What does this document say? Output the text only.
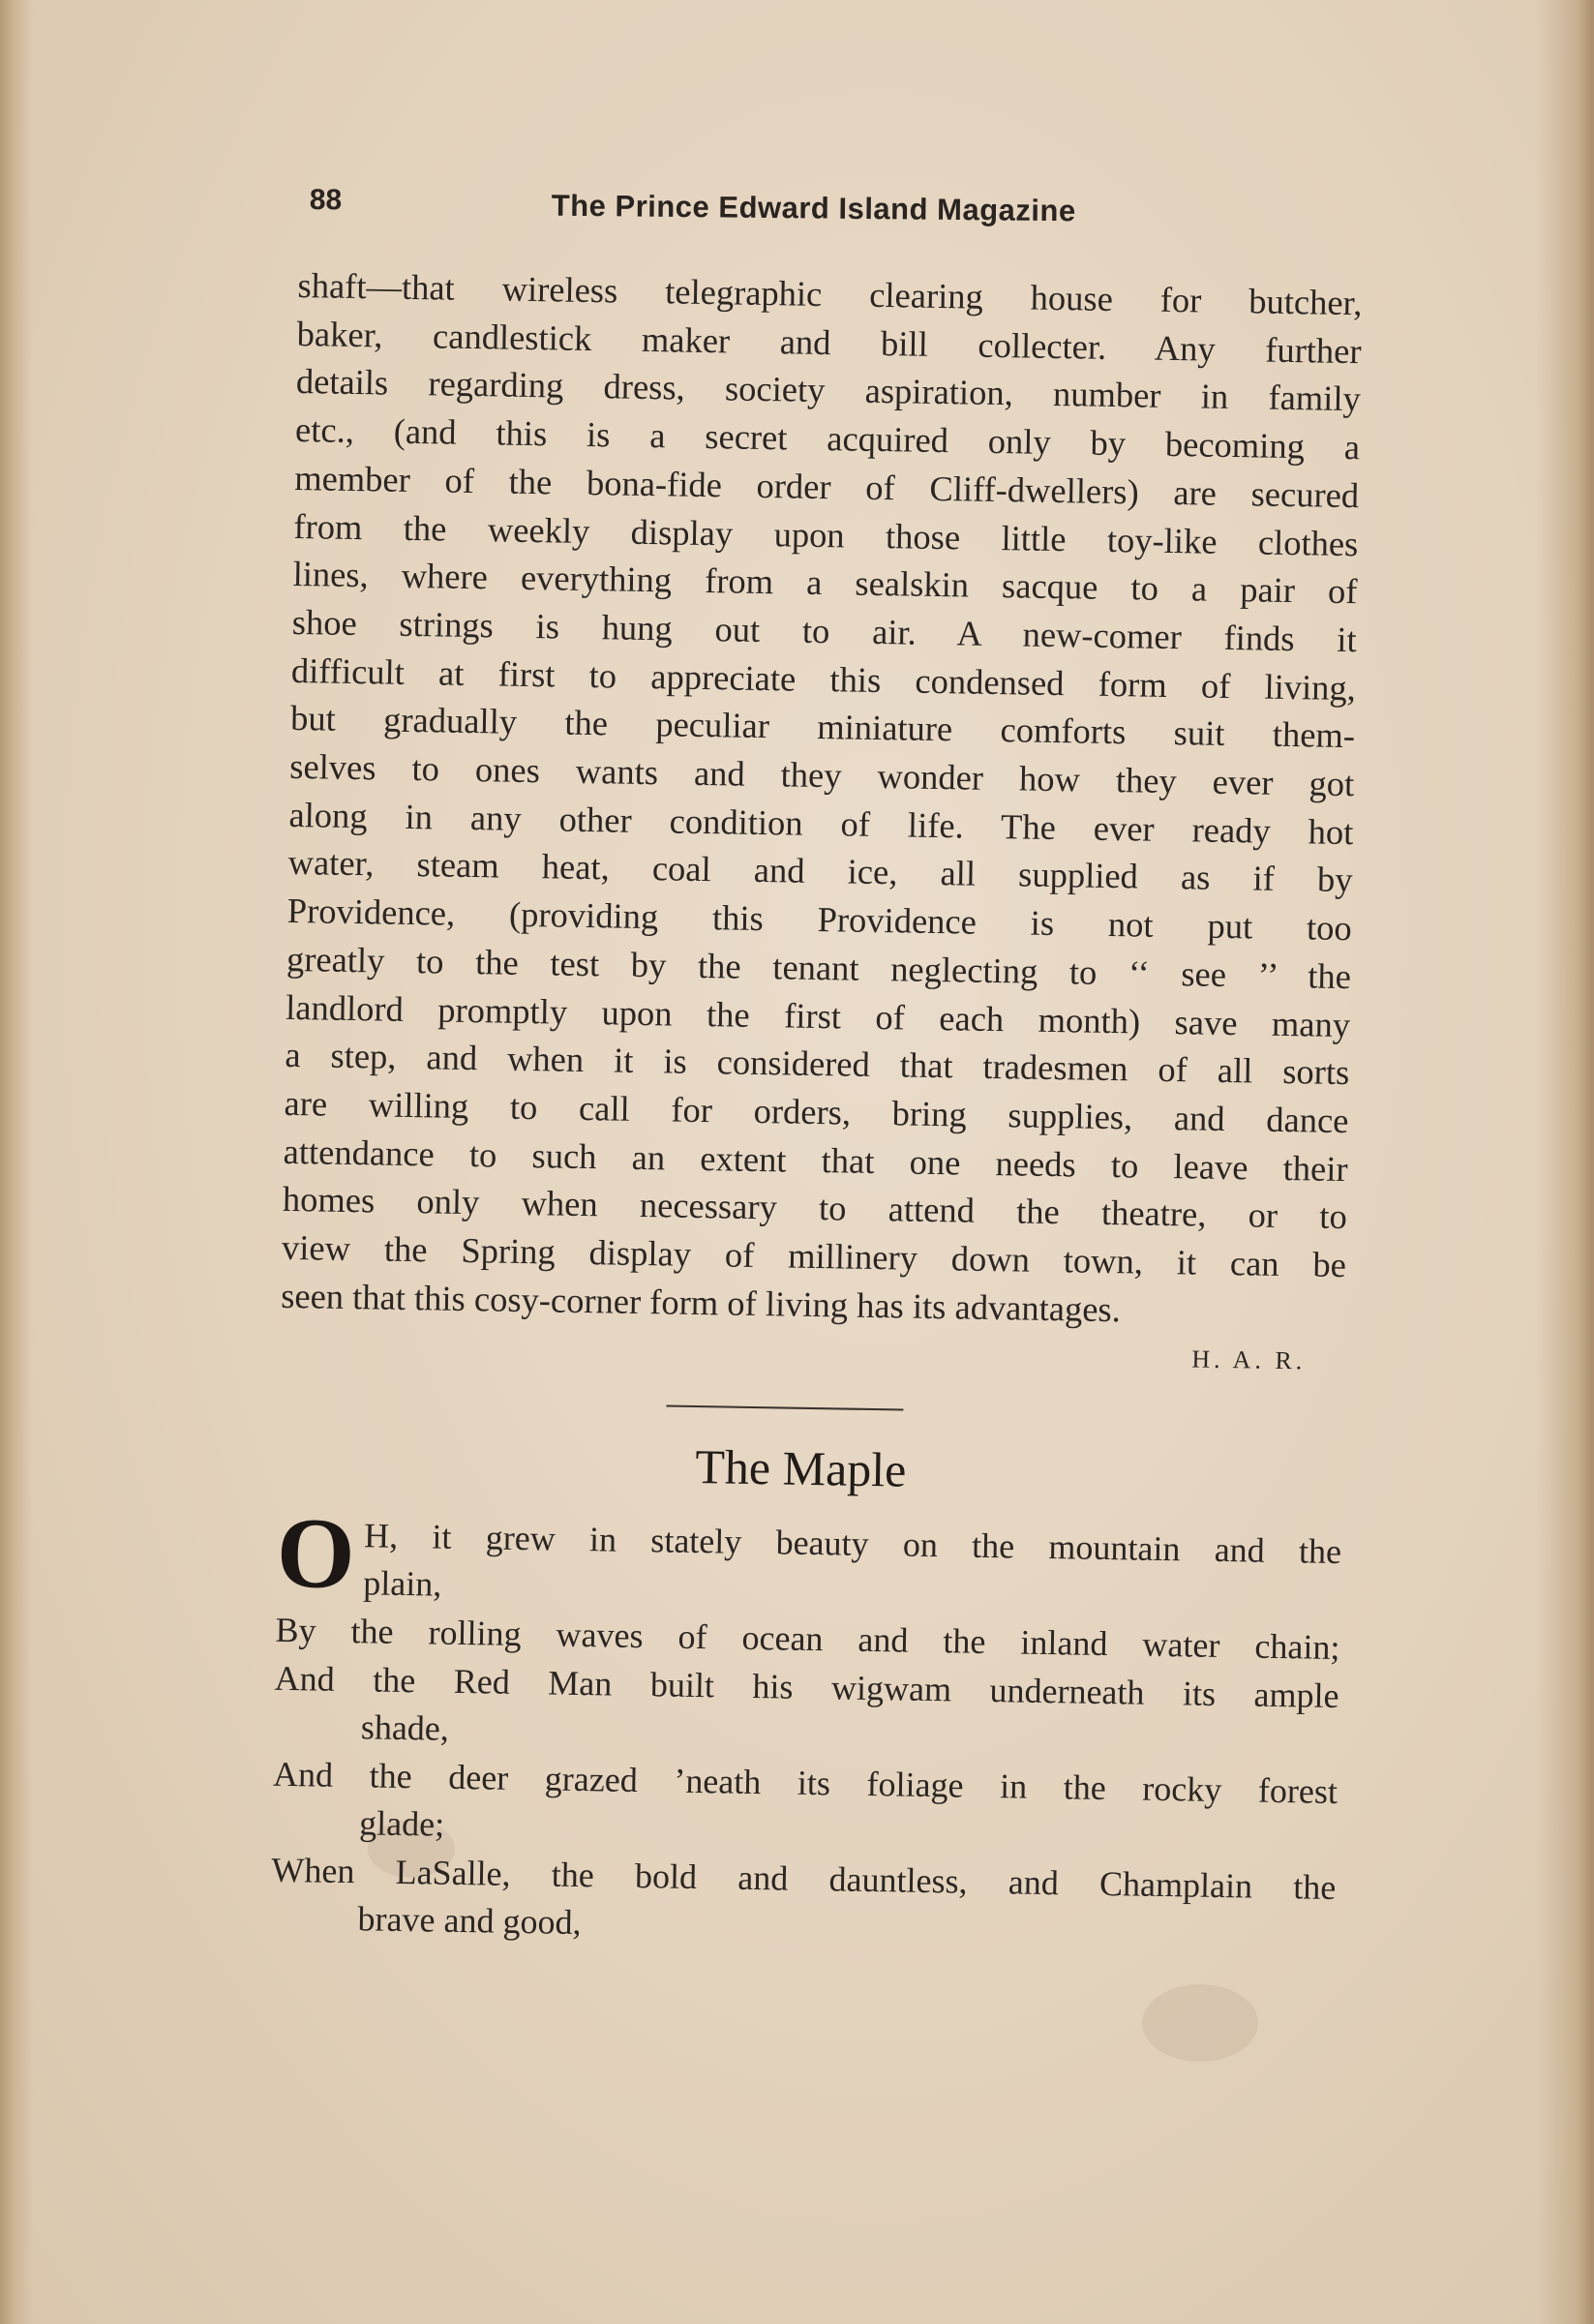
88	The Prince Edward Island Magazine
shaft—that wireless telegraphic clearing house for butcher,
baker, candlestick maker and bill collecter. Any further
details regarding dress, society aspiration, number in family
etc., (and this is a secret acquired only by becoming a
member of the bona-fide order of Cliff-dwellers) are secured
from the weekly display upon those little toy-like clothes
lines, where everything from a sealskin sacque to a pair of
shoe strings is hung out to air. A new-comer finds it
difficult at first to appreciate this condensed form of living,
but gradually the peculiar miniature comforts suit them-
selves to ones wants and they wonder how they ever got
along in any other condition of life. The ever ready hot
water, steam heat, coal and ice, all supplied as if by
Providence, (providing this Providence is not put too
greatly to the test by the tenant neglecting to ‘‘ see ’’ the
landlord promptly upon the first of each month) save many
a step, and when it is considered that tradesmen of all sorts
are willing to call for orders, bring supplies, and dance
attendance to such an extent that one needs to leave their
homes only when necessary to attend the theatre, or to
view the Spring display of millinery down town, it can be
seen that this cosy-corner form of living has its advantages.
H. A. R.
The Maple
O H, it grew in stately beauty on the mountain and the
plain,
By the rolling waves of ocean and the inland water chain;
And the Red Man built his wigwam underneath its ample
shade,
And the deer grazed ’neath its foliage in the rocky forest
glade;
When LaSalle, the bold and dauntless, and Champlain the
brave and good,
